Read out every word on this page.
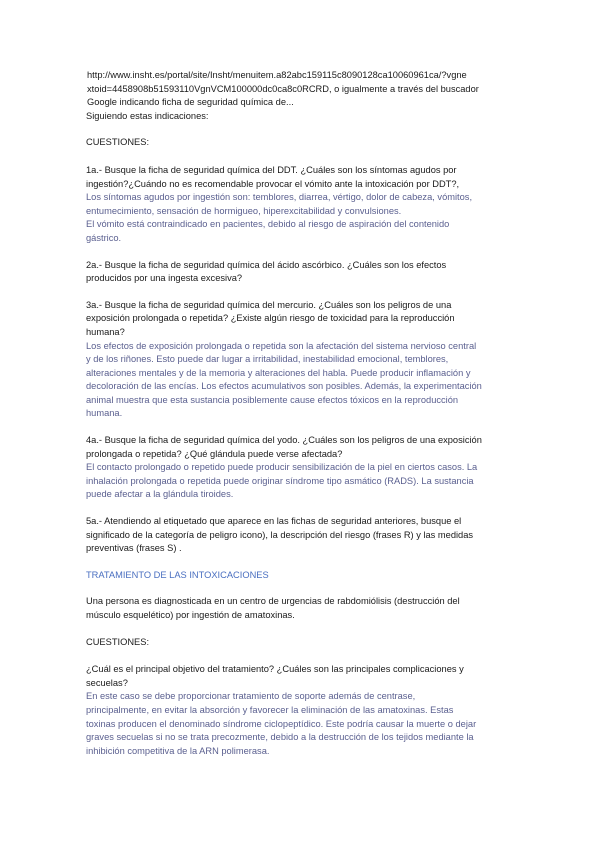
http://www.insht.es/portal/site/Insht/menuitem.a82abc159115c8090128ca10060961ca/?vgne
xtoid=4458908b51593110VgnVCM100000dc0ca8c0RCRD, o igualmente a través del buscador
Google indicando ficha de seguridad química de...

Siguiendo estas indicaciones:

CUESTIONES:

1a.- Busque la ficha de seguridad química del DDT. ¿Cuáles son los síntomas agudos por
ingestión?¿Cuándo no es recomendable provocar el vómito ante la intoxicación por DDT?,

Los síntomas agudos por ingestión son: temblores, diarrea, vértigo, dolor de cabeza, vómitos,
entumecimiento, sensación de hormigueo, hiperexcitabilidad y convulsiones.
El vómito está contraindicado en pacientes, debido al riesgo de aspiración del contenido
gástrico.

2a.- Busque la ficha de seguridad química del ácido ascórbico. ¿Cuáles son los efectos
producidos por una ingesta excesiva?

3a.- Busque la ficha de seguridad química del mercurio. ¿Cuáles son los peligros de una
exposición prolongada o repetida? ¿Existe algún riesgo de toxicidad para la reproducción
humana?

Los efectos de exposición prolongada o repetida son la afectación del sistema nervioso central
y de los riñones. Esto puede dar lugar a irritabilidad, inestabilidad emocional, temblores,
alteraciones mentales y de la memoria y alteraciones del habla. Puede producir inflamación y
decoloración de las encías. Los efectos acumulativos son posibles. Además, la experimentación
animal muestra que esta sustancia posiblemente cause efectos tóxicos en la reproducción
humana.

4a.- Busque la ficha de seguridad química del yodo. ¿Cuáles son los peligros de una exposición
prolongada o repetida? ¿Qué glándula puede verse afectada?

El contacto prolongado o repetido puede producir sensibilización de la piel en ciertos casos. La
inhalación prolongada o repetida puede originar síndrome tipo asmático (RADS). La sustancia
puede afectar a la glándula tiroides.

5a.- Atendiendo al etiquetado que aparece en las fichas de seguridad anteriores, busque el
significado de la categoría de peligro icono), la descripción del riesgo (frases R) y las medidas
preventivas (frases S) .

TRATAMIENTO DE LAS INTOXICACIONES

Una persona es diagnosticada en un centro de urgencias de rabdomiólisis (destrucción del
músculo esquelético) por ingestión de amatoxinas.

CUESTIONES:

¿Cuál es el principal objetivo del tratamiento? ¿Cuáles son las principales complicaciones y
secuelas?

En este caso se debe proporcionar tratamiento de soporte además de centrase,
principalmente, en evitar la absorción y favorecer la eliminación de las amatoxinas. Estas
toxinas producen el denominado síndrome ciclopeptídico. Este podría causar la muerte o dejar
graves secuelas si no se trata precozmente, debido a la destrucción de los tejidos mediante la
inhibición competitiva de la ARN polimerasa.
